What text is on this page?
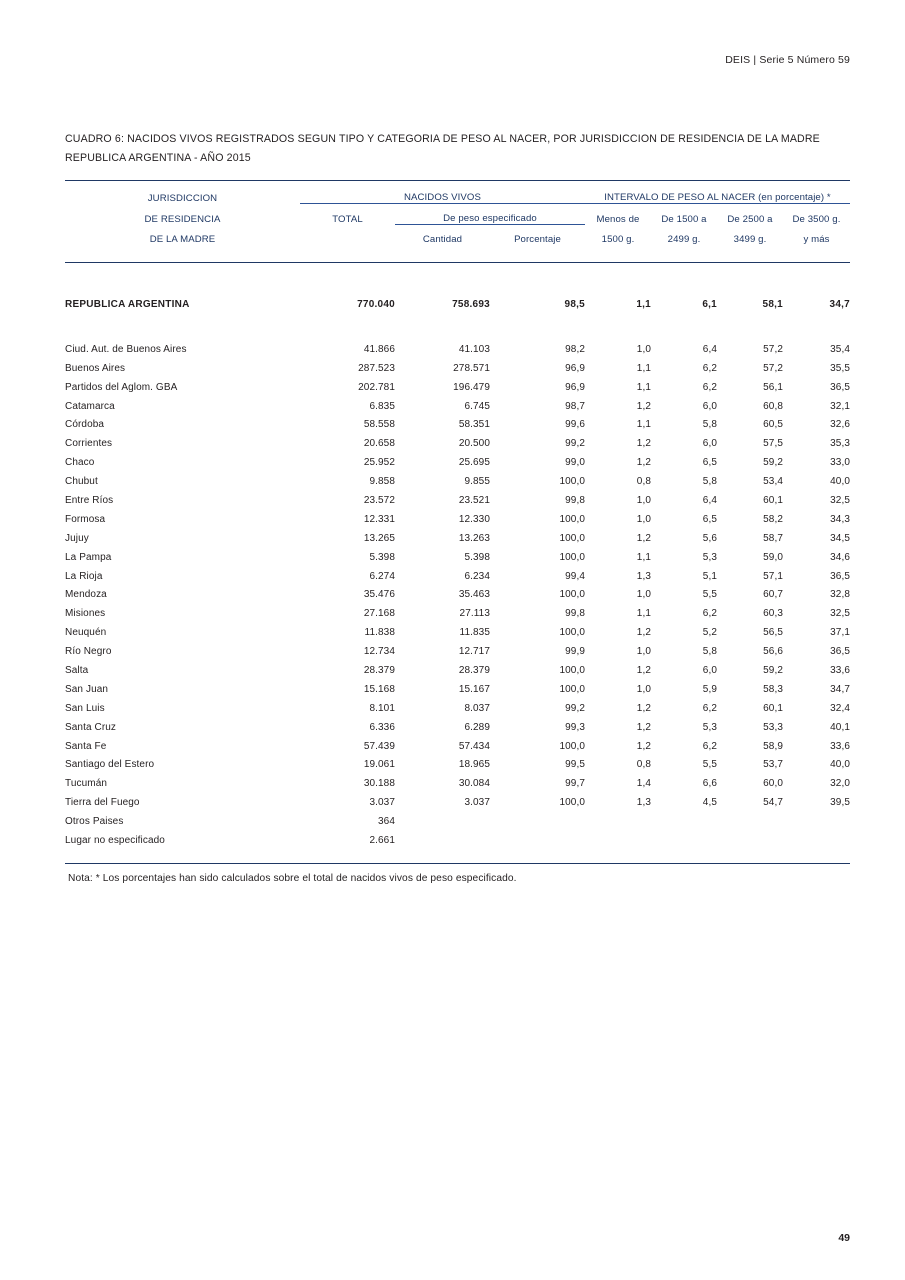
DEIS | Serie 5 Número 59
CUADRO 6: NACIDOS VIVOS REGISTRADOS SEGUN TIPO Y CATEGORIA DE PESO AL NACER, POR JURISDICCION DE RESIDENCIA DE LA MADRE
REPUBLICA ARGENTINA - AÑO 2015

JURISDICCION	NACIDOS VIVOS			INTERVALO DE PESO AL NACER (en porcentaje) *			
DE RESIDENCIA	TOTAL	De peso especificado		Menos de	De 1500 a	De 2500 a	De 3500 g.
DE LA MADRE		Cantidad	Porcentaje	1500 g.	2499 g.	3499 g.	y más

REPUBLICA ARGENTINA	770.040	758.693	98,5	1,1	6,1	58,1	34,7

Ciud. Aut. de Buenos Aires	41.866	41.103	98,2	1,0	6,4	57,2	35,4
Buenos Aires	287.523	278.571	96,9	1,1	6,2	57,2	35,5
Partidos del Aglom. GBA	202.781	196.479	96,9	1,1	6,2	56,1	36,5
Catamarca	6.835	6.745	98,7	1,2	6,0	60,8	32,1
Córdoba	58.558	58.351	99,6	1,1	5,8	60,5	32,6
Corrientes	20.658	20.500	99,2	1,2	6,0	57,5	35,3
Chaco	25.952	25.695	99,0	1,2	6,5	59,2	33,0
Chubut	9.858	9.855	100,0	0,8	5,8	53,4	40,0
Entre Ríos	23.572	23.521	99,8	1,0	6,4	60,1	32,5
Formosa	12.331	12.330	100,0	1,0	6,5	58,2	34,3
Jujuy	13.265	13.263	100,0	1,2	5,6	58,7	34,5
La Pampa	5.398	5.398	100,0	1,1	5,3	59,0	34,6
La Rioja	6.274	6.234	99,4	1,3	5,1	57,1	36,5
Mendoza	35.476	35.463	100,0	1,0	5,5	60,7	32,8
Misiones	27.168	27.113	99,8	1,1	6,2	60,3	32,5
Neuquén	11.838	11.835	100,0	1,2	5,2	56,5	37,1
Río Negro	12.734	12.717	99,9	1,0	5,8	56,6	36,5
Salta	28.379	28.379	100,0	1,2	6,0	59,2	33,6
San Juan	15.168	15.167	100,0	1,0	5,9	58,3	34,7
San Luis	8.101	8.037	99,2	1,2	6,2	60,1	32,4
Santa Cruz	6.336	6.289	99,3	1,2	5,3	53,3	40,1
Santa Fe	57.439	57.434	100,0	1,2	6,2	58,9	33,6
Santiago del Estero	19.061	18.965	99,5	0,8	5,5	53,7	40,0
Tucumán	30.188	30.084	99,7	1,4	6,6	60,0	32,0
Tierra del Fuego	3.037	3.037	100,0	1,3	4,5	54,7	39,5
Otros Paises	364						
Lugar no especificado	2.661						

Nota: * Los porcentajes han sido calculados sobre el total de nacidos vivos de peso especificado.
49
